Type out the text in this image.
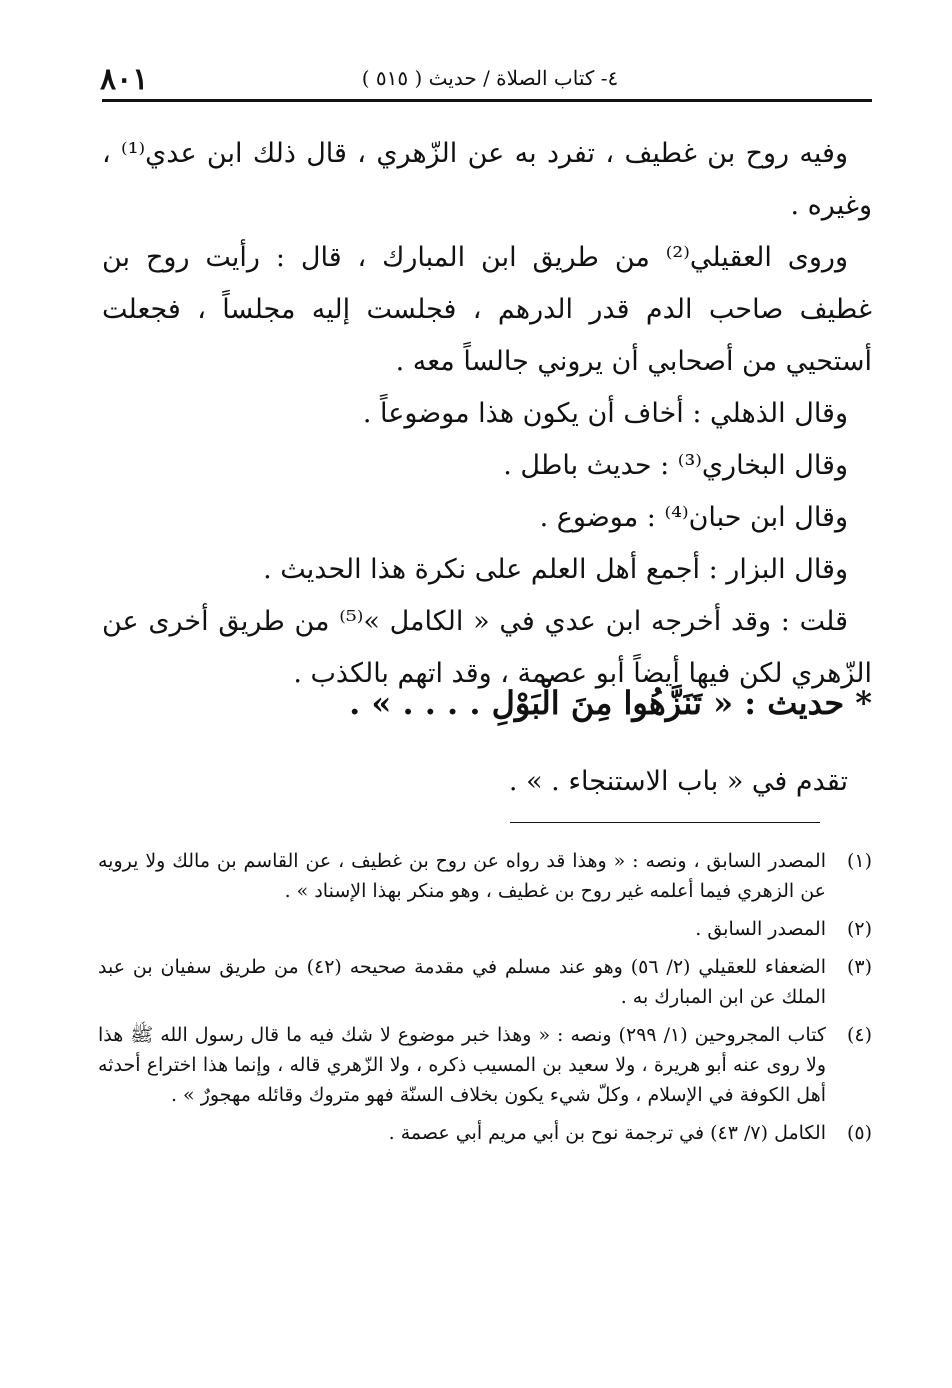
٨٠١	٤- كتاب الصلاة / حديث ( ٥١٥ )

وفيه روح بن غطيف ، تفرد به عن الزّهري ، قال ذلك ابن عدي⁽¹⁾ ، وغيره .

وروى العقيلي⁽²⁾ من طريق ابن المبارك ، قال : رأيت روح بن غطيف صاحب الدم قدر الدرهم ، فجلست إليه مجلساً ، فجعلت أستحيي من أصحابي أن يروني جالساً معه .

وقال الذهلي : أخاف أن يكون هذا موضوعاً .

وقال البخاري⁽³⁾ : حديث باطل .

وقال ابن حبان⁽⁴⁾ : موضوع .

وقال البزار : أجمع أهل العلم على نكرة هذا الحديث .

قلت : وقد أخرجه ابن عدي في « الكامل »⁽⁵⁾ من طريق أخرى عن الزّهري لكن فيها أيضاً أبو عصمة ، وقد اتهم بالكذب .

* حديث : « تَنَزَّهُوا مِنَ الْبَوْلِ . . . . » .
تقدم في « باب الاستنجاء . » .
(١)
المصدر السابق ، ونصه : « وهذا قد رواه عن روح بن غطيف ، عن القاسم بن مالك ولا يرويه عن الزهري فيما أعلمه غير روح بن غطيف ، وهو منكر بهذا الإسناد » .
(٢)
المصدر السابق .
(٣)
الضعفاء للعقيلي (٢/ ٥٦) وهو عند مسلم في مقدمة صحيحه (٤٢) من طريق سفيان بن عبد الملك عن ابن المبارك به .
(٤)
كتاب المجروحين (١/ ٢٩٩) ونصه : « وهذا خبر موضوع لا شك فيه ما قال رسول الله ﷺ هذا ولا روى عنه أبو هريرة ، ولا سعيد بن المسيب ذكره ، ولا الزّهري قاله ، وإنما هذا اختراع أحدثه أهل الكوفة في الإسلام ، وكلّ شيء يكون بخلاف السنّة فهو متروك وقائله مهجورٌ » .
(٥)
الكامل (٧/ ٤٣) في ترجمة نوح بن أبي مريم أبي عصمة .
